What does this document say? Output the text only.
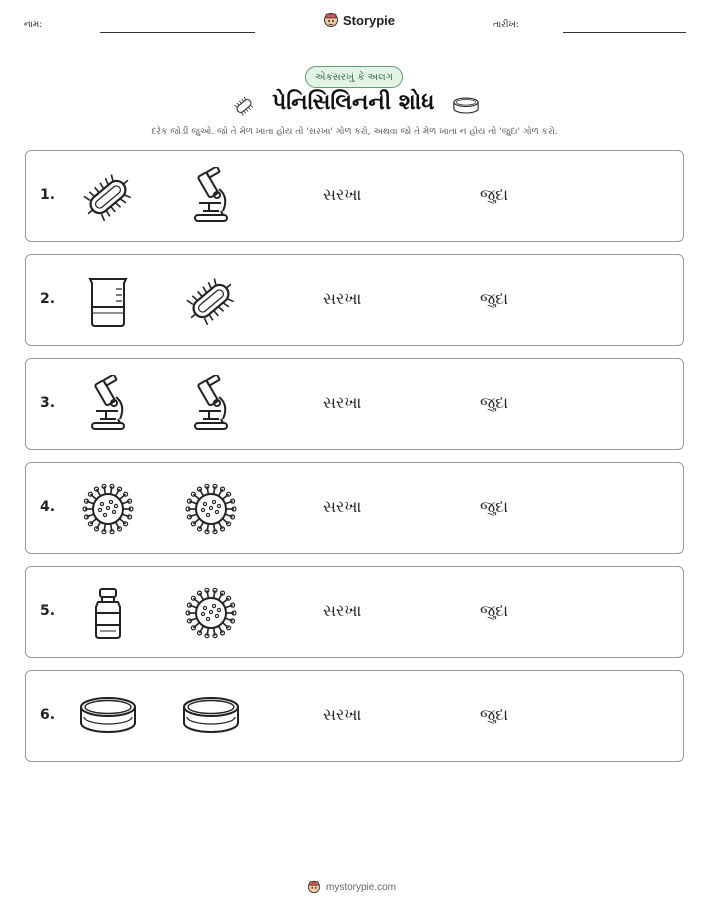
નામ:	Storypie	તારીખ:
એકસરખું કે અલગ
પેનિસિલિનની શોધ
દરેક જોડી જુઓ. જો તે મેળ ખાતા હોય તો 'સરખા' ગોળ કરો, અથવા જો તે મેળ ખાતા ન હોય તો 'જુદા' ગોળ કરો.
1.	સરખા	જુદા
2.	સરખા	જુદા
3.	સરખા	જુદા
4.	સરખા	જુદા
5.	સરખા	જુદા
6.	સરખા	જુદા
mystorypie.com
